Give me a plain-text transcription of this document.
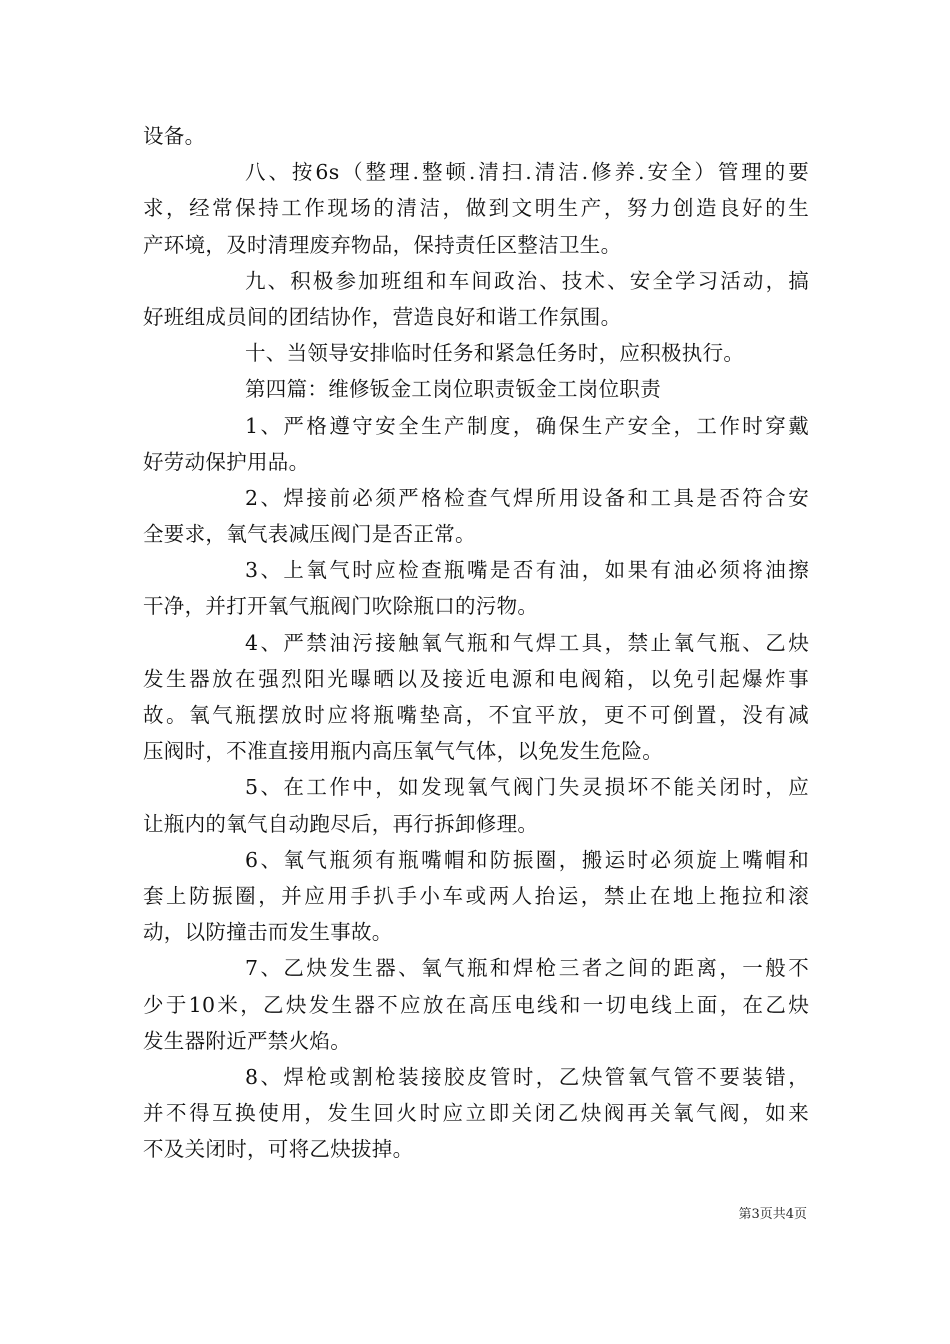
设备。
八、按6s（整理.整顿.清扫.清洁.修养.安全）管理的要
求，经常保持工作现场的清洁，做到文明生产，努力创造良好的生
产环境，及时清理废弃物品，保持责任区整洁卫生。
九、积极参加班组和车间政治、技术、安全学习活动，搞
好班组成员间的团结协作，营造良好和谐工作氛围。
十、当领导安排临时任务和紧急任务时，应积极执行。
第四篇：维修钣金工岗位职责钣金工岗位职责
1、严格遵守安全生产制度，确保生产安全，工作时穿戴
好劳动保护用品。
2、焊接前必须严格检查气焊所用设备和工具是否符合安
全要求，氧气表减压阀门是否正常。
3、上氧气时应检查瓶嘴是否有油，如果有油必须将油擦
干净，并打开氧气瓶阀门吹除瓶口的污物。
4、严禁油污接触氧气瓶和气焊工具，禁止氧气瓶、乙炔
发生器放在强烈阳光曝晒以及接近电源和电阀箱，以免引起爆炸事
故。氧气瓶摆放时应将瓶嘴垫高，不宜平放，更不可倒置，没有减
压阀时，不准直接用瓶内高压氧气气体，以免发生危险。
5、在工作中，如发现氧气阀门失灵损坏不能关闭时，应
让瓶内的氧气自动跑尽后，再行拆卸修理。
6、氧气瓶须有瓶嘴帽和防振圈，搬运时必须旋上嘴帽和
套上防振圈，并应用手扒手小车或两人抬运，禁止在地上拖拉和滚
动，以防撞击而发生事故。
7、乙炔发生器、氧气瓶和焊枪三者之间的距离，一般不
少于10米，乙炔发生器不应放在高压电线和一切电线上面，在乙炔
发生器附近严禁火焰。
8、焊枪或割枪装接胶皮管时，乙炔管氧气管不要装错，
并不得互换使用，发生回火时应立即关闭乙炔阀再关氧气阀，如来
不及关闭时，可将乙炔拔掉。
第3页共4页
